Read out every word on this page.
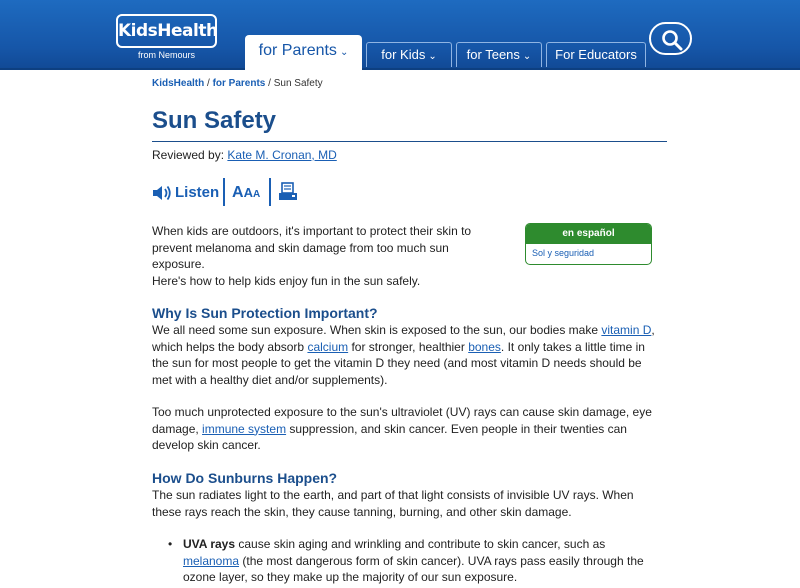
KidsHealth
from Nemours	for Parents ⌄	for Kids ⌄	for Teens ⌄	For Educators
KidsHealth / for Parents / Sun Safety
Sun Safety
Reviewed by: Kate M. Cronan, MD
Listen AAA
en español
Sol y seguridad
When kids are outdoors, it's important to protect their skin to prevent melanoma and skin damage from too much sun exposure.
Here's how to help kids enjoy fun in the sun safely.
Why Is Sun Protection Important?
We all need some sun exposure. When skin is exposed to the sun, our bodies make vitamin D, which helps the body absorb calcium for stronger, healthier bones. It only takes a little time in the sun for most people to get the vitamin D they need (and most vitamin D needs should be met with a healthy diet and/or supplements).
Too much unprotected exposure to the sun's ultraviolet (UV) rays can cause skin damage, eye damage, immune system suppression, and skin cancer. Even people in their twenties can develop skin cancer.
How Do Sunburns Happen?
The sun radiates light to the earth, and part of that light consists of invisible UV rays. When these rays reach the skin, they cause tanning, burning, and other skin damage.
• UVA rays cause skin aging and wrinkling and contribute to skin cancer, such as melanoma (the most dangerous form of skin cancer). UVA rays pass easily through the ozone layer, so they make up the majority of our sun exposure.
